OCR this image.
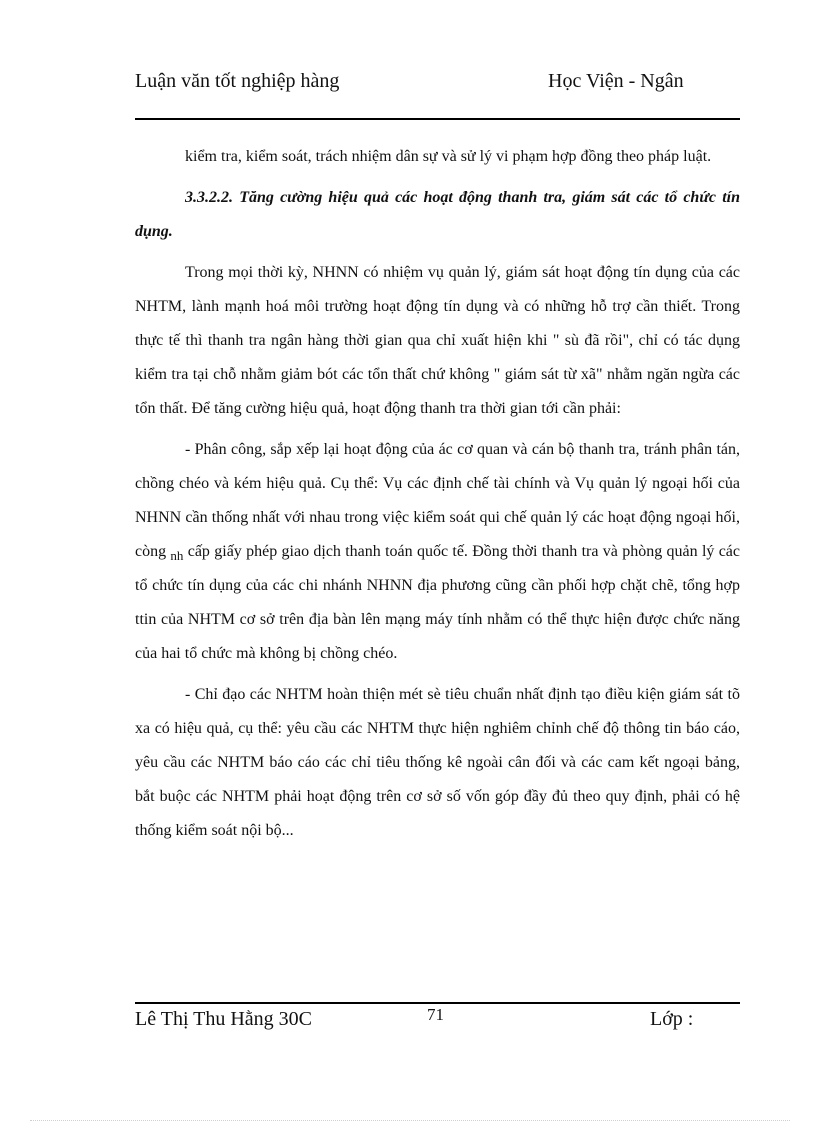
Luận văn tốt nghiệp hàng	Học Viện - Ngân

kiểm tra, kiểm soát, trách nhiệm dân sự và sử lý vi phạm hợp đồng theo pháp luật.

3.3.2.2. Tăng cường hiệu quả các hoạt động thanh tra, giám sát các tổ chức tín dụng.

Trong mọi thời kỳ, NHNN có nhiệm vụ quản lý, giám sát hoạt động tín dụng của các NHTM, lành mạnh hoá môi trường hoạt động tín dụng và có những hỗ trợ cần thiết. Trong thực tế thì thanh tra ngân hàng thời gian qua chỉ xuất hiện khi " sù đã rồi", chỉ có tác dụng kiểm tra tại chỗ nhằm giảm bót các tổn thất chứ không " giám sát từ xã" nhằm ngăn ngừa các tổn thất. Để tăng cường hiệu quả, hoạt động thanh tra thời gian tới cần phải:

- Phân công, sắp xếp lại hoạt động của ác cơ quan và cán bộ thanh tra, tránh phân tán, chồng chéo và kém hiệu quả. Cụ thể: Vụ các định chế tài chính và Vụ quản lý ngoại hối của NHNN cần thống nhất với nhau trong việc kiểm soát qui chế quản lý các hoạt động ngoại hối, còng $_{nh}$ cấp giấy phép giao dịch thanh toán quốc tế. Đồng thời thanh tra và phòng quản lý các tổ chức tín dụng của các chi nhánh NHNN địa phương cũng cần phối hợp chặt chẽ, tổng hợp ttin của NHTM cơ sở trên địa bàn lên mạng máy tính nhằm có thể thực hiện được chức năng của hai tổ chức mà không bị chồng chéo.

- Chỉ đạo các NHTM hoàn thiện mét sè tiêu chuẩn nhất định tạo điều kiện giám sát tõ xa có hiệu quả, cụ thể: yêu cầu các NHTM thực hiện nghiêm chỉnh chế độ thông tin báo cáo, yêu cầu các NHTM báo cáo các chỉ tiêu thống kê ngoài cân đối và các cam kết ngoại bảng, bắt buộc các NHTM phải hoạt động trên cơ sở số vốn góp đầy đủ theo quy định, phải có hệ thống kiểm soát nội bộ...

Lê Thị Thu Hằng 30C	71	Lớp :
